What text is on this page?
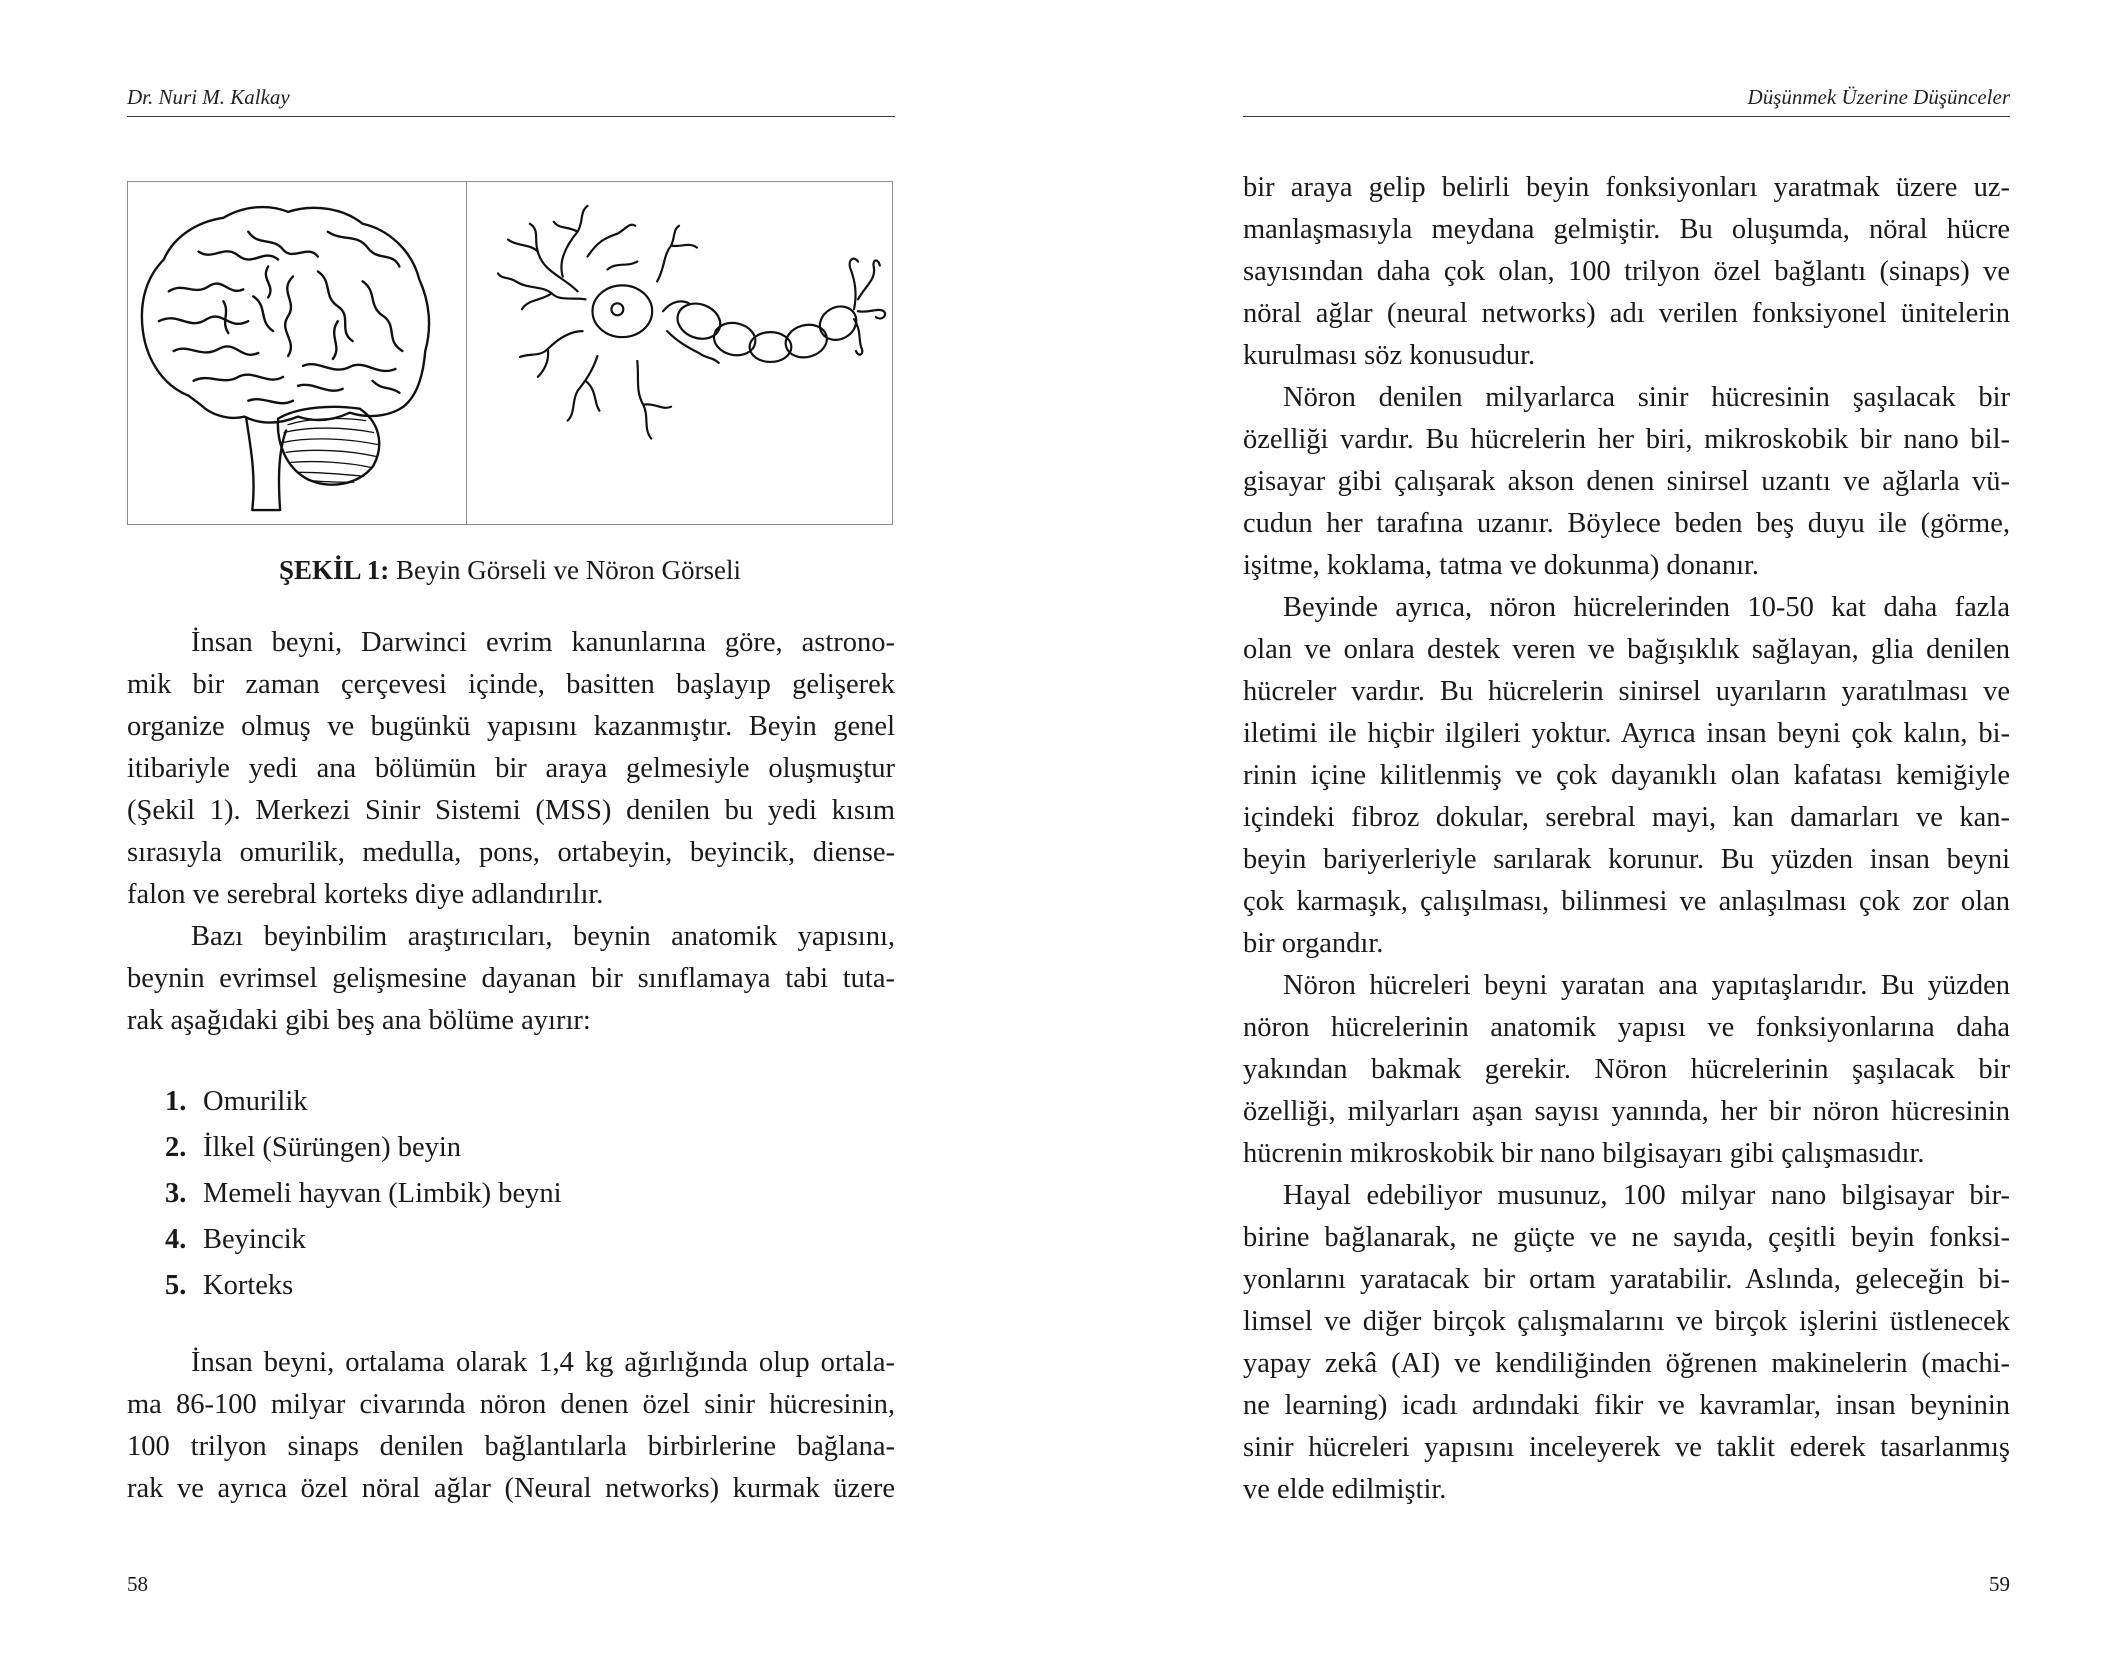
Dr. Nuri M. Kalkay
ŞEKİL 1: Beyin Görseli ve Nöron Görseli
İnsan beyni, Darwinci evrim kanunlarına göre, astrono-
mik bir zaman çerçevesi içinde, basitten başlayıp gelişerek
organize olmuş ve bugünkü yapısını kazanmıştır. Beyin genel
itibariyle yedi ana bölümün bir araya gelmesiyle oluşmuştur
(Şekil 1). Merkezi Sinir Sistemi (MSS) denilen bu yedi kısım
sırasıyla omurilik, medulla, pons, ortabeyin, beyincik, diense-
falon ve serebral korteks diye adlandırılır.
Bazı beyinbilim araştırıcıları, beynin anatomik yapısını,
beynin evrimsel gelişmesine dayanan bir sınıflamaya tabi tuta-
rak aşağıdaki gibi beş ana bölüme ayırır:
1. Omurilik
2. İlkel (Sürüngen) beyin
3. Memeli hayvan (Limbik) beyni
4. Beyincik
5. Korteks
İnsan beyni, ortalama olarak 1,4 kg ağırlığında olup ortala-
ma 86-100 milyar civarında nöron denen özel sinir hücresinin,
100 trilyon sinaps denilen bağlantılarla birbirlerine bağlana-
rak ve ayrıca özel nöral ağlar (Neural networks) kurmak üzere
58
Düşünmek Üzerine Düşünceler
bir araya gelip belirli beyin fonksiyonları yaratmak üzere uz-
manlaşmasıyla meydana gelmiştir. Bu oluşumda, nöral hücre
sayısından daha çok olan, 100 trilyon özel bağlantı (sinaps) ve
nöral ağlar (neural networks) adı verilen fonksiyonel ünitelerin
kurulması söz konusudur.
Nöron denilen milyarlarca sinir hücresinin şaşılacak bir
özelliği vardır. Bu hücrelerin her biri, mikroskobik bir nano bil-
gisayar gibi çalışarak akson denen sinirsel uzantı ve ağlarla vü-
cudun her tarafına uzanır. Böylece beden beş duyu ile (görme,
işitme, koklama, tatma ve dokunma) donanır.
Beyinde ayrıca, nöron hücrelerinden 10-50 kat daha fazla
olan ve onlara destek veren ve bağışıklık sağlayan, glia denilen
hücreler vardır. Bu hücrelerin sinirsel uyarıların yaratılması ve
iletimi ile hiçbir ilgileri yoktur. Ayrıca insan beyni çok kalın, bi-
rinin içine kilitlenmiş ve çok dayanıklı olan kafatası kemiğiyle
içindeki fibroz dokular, serebral mayi, kan damarları ve kan-
beyin bariyerleriyle sarılarak korunur. Bu yüzden insan beyni
çok karmaşık, çalışılması, bilinmesi ve anlaşılması çok zor olan
bir organdır.
Nöron hücreleri beyni yaratan ana yapıtaşlarıdır. Bu yüzden
nöron hücrelerinin anatomik yapısı ve fonksiyonlarına daha
yakından bakmak gerekir. Nöron hücrelerinin şaşılacak bir
özelliği, milyarları aşan sayısı yanında, her bir nöron hücresinin
hücrenin mikroskobik bir nano bilgisayarı gibi çalışmasıdır.
Hayal edebiliyor musunuz, 100 milyar nano bilgisayar bir-
birine bağlanarak, ne güçte ve ne sayıda, çeşitli beyin fonksi-
yonlarını yaratacak bir ortam yaratabilir. Aslında, geleceğin bi-
limsel ve diğer birçok çalışmalarını ve birçok işlerini üstlenecek
yapay zekâ (AI) ve kendiliğinden öğrenen makinelerin (machi-
ne learning) icadı ardındaki fikir ve kavramlar, insan beyninin
sinir hücreleri yapısını inceleyerek ve taklit ederek tasarlanmış
ve elde edilmiştir.
59
